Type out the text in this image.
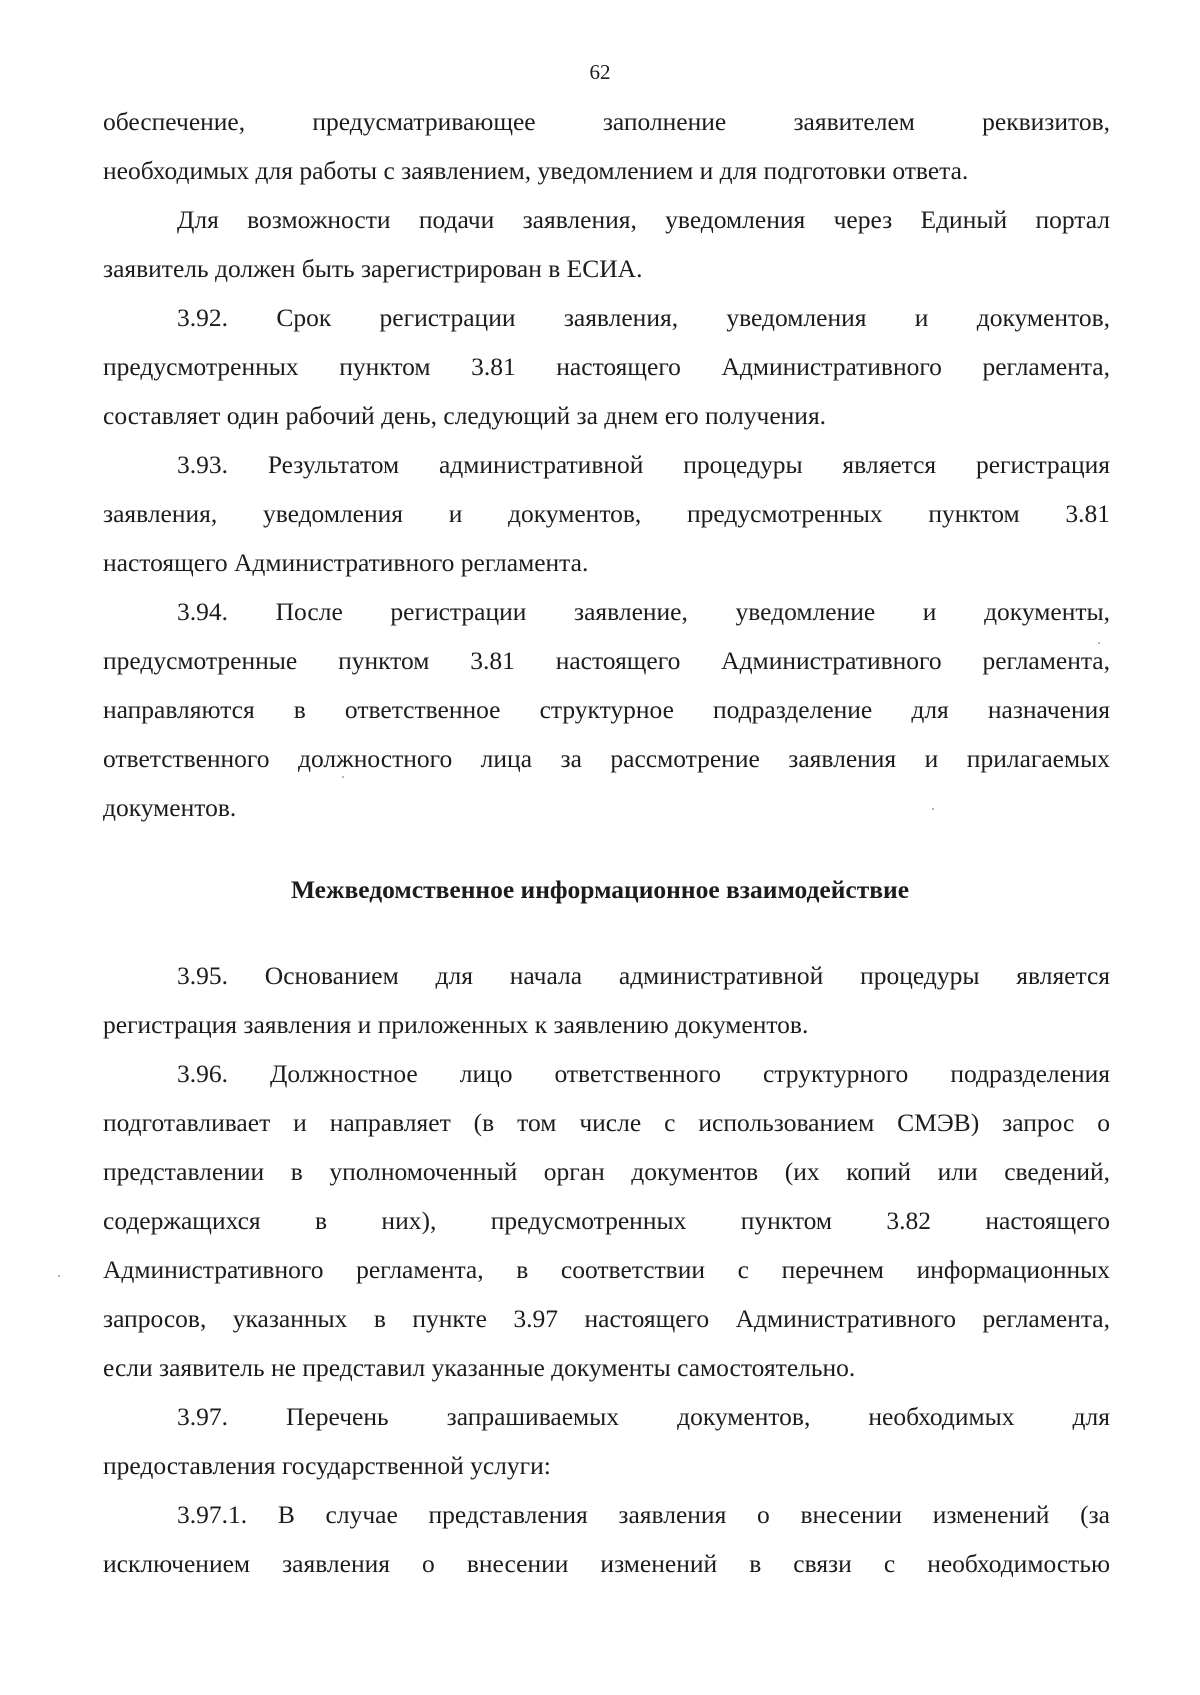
62
обеспечение, предусматривающее заполнение заявителем реквизитов,
необходимых для работы с заявлением, уведомлением и для подготовки ответа.
Для возможности подачи заявления, уведомления через Единый портал
заявитель должен быть зарегистрирован в ЕСИА.
3.92. Срок регистрации заявления, уведомления и документов,
предусмотренных пунктом 3.81 настоящего Административного регламента,
составляет один рабочий день, следующий за днем его получения.
3.93. Результатом административной процедуры является регистрация
заявления, уведомления и документов, предусмотренных пунктом 3.81
настоящего Административного регламента.
3.94. После регистрации заявление, уведомление и документы,
предусмотренные пунктом 3.81 настоящего Административного регламента,
направляются в ответственное структурное подразделение для назначения
ответственного должностного лица за рассмотрение заявления и прилагаемых
документов.
Межведомственное информационное взаимодействие
3.95. Основанием для начала административной процедуры является
регистрация заявления и приложенных к заявлению документов.
3.96. Должностное лицо ответственного структурного подразделения
подготавливает и направляет (в том числе с использованием СМЭВ) запрос о
представлении в уполномоченный орган документов (их копий или сведений,
содержащихся в них), предусмотренных пунктом 3.82 настоящего
Административного регламента, в соответствии с перечнем информационных
запросов, указанных в пункте 3.97 настоящего Административного регламента,
если заявитель не представил указанные документы самостоятельно.
3.97. Перечень запрашиваемых документов, необходимых для
предоставления государственной услуги:
3.97.1. В случае представления заявления о внесении изменений (за
исключением заявления о внесении изменений в связи с необходимостью
